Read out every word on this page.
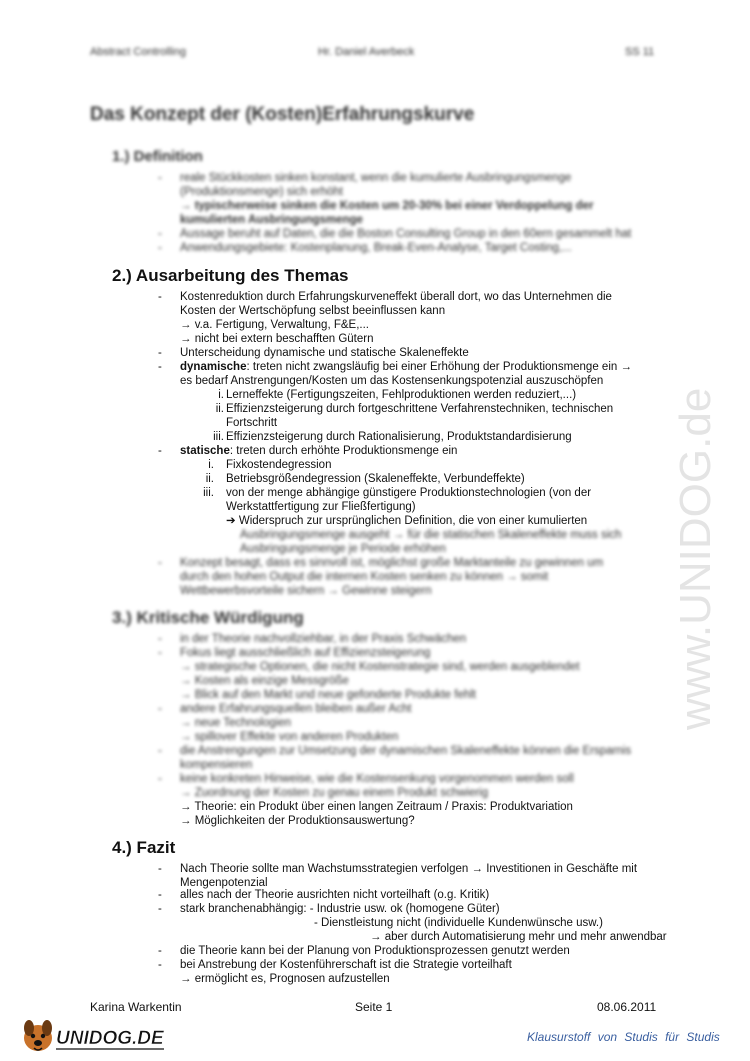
Abstract Controlling	Hr. Daniel Averbeck	SS 11
www.UNIDOG.de
Das Konzept der (Kosten)Erfahrungskurve
1.) Definition
- reale Stückkosten sinken konstant, wenn die kumulierte Ausbringungsmenge
(Produktionsmenge) sich erhöht
→ typischerweise sinken die Kosten um 20-30% bei einer Verdoppelung der
kumulierten Ausbringungsmenge
- Aussage beruht auf Daten, die die Boston Consulting Group in den 60ern gesammelt hat
- Anwendungsgebiete: Kostenplanung, Break-Even-Analyse, Target Costing,...
2.) Ausarbeitung des Themas
- Kostenreduktion durch Erfahrungskurveneffekt überall dort, wo das Unternehmen die
Kosten der Wertschöpfung selbst beeinflussen kann
→ v.a. Fertigung, Verwaltung, F&E,...
→ nicht bei extern beschafften Gütern
- Unterscheidung dynamische und statische Skaleneffekte
- dynamische: treten nicht zwangsläufig bei einer Erhöhung der Produktionsmenge ein →
es bedarf Anstrengungen/Kosten um das Kostensenkungspotenzial auszuschöpfen
i. Lerneffekte (Fertigungszeiten, Fehlproduktionen werden reduziert,...)
ii. Effizienzsteigerung durch fortgeschrittene Verfahrenstechniken, technischen
Fortschritt
iii. Effizienzsteigerung durch Rationalisierung, Produktstandardisierung
- statische: treten durch erhöhte Produktionsmenge ein
i. Fixkostendegression
ii. Betriebsgrößendegression (Skaleneffekte, Verbundeffekte)
iii. von der menge abhängige günstigere Produktionstechnologien (von der
Werkstattfertigung zur Fließfertigung)
➔ Widerspruch zur ursprünglichen Definition, die von einer kumulierten
Ausbringungsmenge ausgeht → für die statischen Skaleneffekte muss sich
Ausbringungsmenge je Periode erhöhen
- Konzept besagt, dass es sinnvoll ist, möglichst große Marktanteile zu gewinnen um
durch den hohen Output die internen Kosten senken zu können → somit
Wettbewerbsvorteile sichern → Gewinne steigern
3.) Kritische Würdigung
- in der Theorie nachvollziehbar, in der Praxis Schwächen
- Fokus liegt ausschließlich auf Effizienzsteigerung
→ strategische Optionen, die nicht Kostenstrategie sind, werden ausgeblendet
→ Kosten als einzige Messgröße
→ Blick auf den Markt und neue gefonderte Produkte fehlt
- andere Erfahrungsquellen bleiben außer Acht
→ neue Technologien
→ spillover Effekte von anderen Produkten
- die Anstrengungen zur Umsetzung der dynamischen Skaleneffekte können die Ersparnis
kompensieren
- keine konkreten Hinweise, wie die Kostensenkung vorgenommen werden soll
→ Zuordnung der Kosten zu genau einem Produkt schwierig
→ Theorie: ein Produkt über einen langen Zeitraum / Praxis: Produktvariation
→ Möglichkeiten der Produktionsauswertung?
4.) Fazit
- Nach Theorie sollte man Wachstumsstrategien verfolgen → Investitionen in Geschäfte mit
Mengenpotenzial
- alles nach der Theorie ausrichten nicht vorteilhaft (o.g. Kritik)
- stark branchenabhängig: - Industrie usw. ok (homogene Güter)
- Dienstleistung nicht (individuelle Kundenwünsche usw.)
→ aber durch Automatisierung mehr und mehr anwendbar
- die Theorie kann bei der Planung von Produktionsprozessen genutzt werden
- bei Anstrebung der Kostenführerschaft ist die Strategie vorteilhaft
→ ermöglicht es, Prognosen aufzustellen
Karina Warkentin	Seite 1	08.06.2011
UNIDOG.DE	Klausurstoff von Studis für Studis
